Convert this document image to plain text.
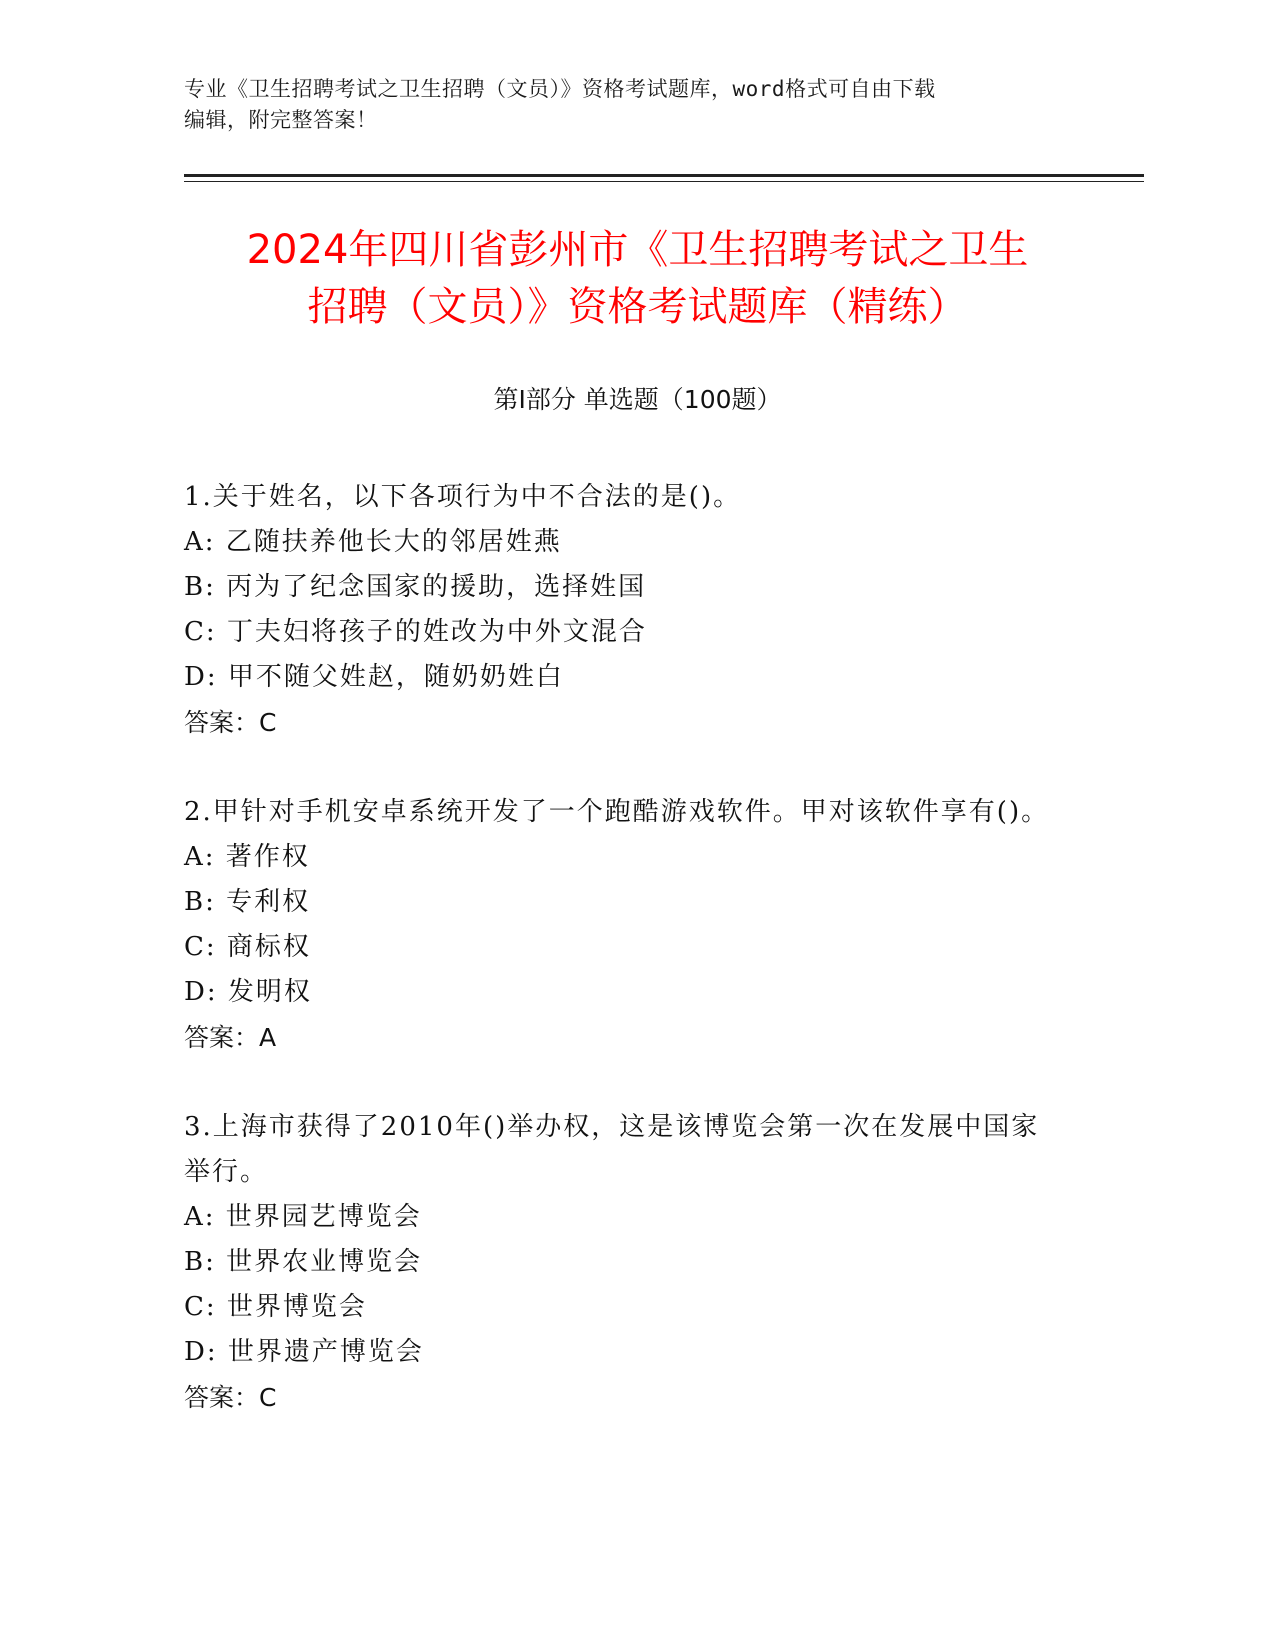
专业《卫生招聘考试之卫生招聘（文员）》资格考试题库，word格式可自由下载
编辑，附完整答案！
2024年四川省彭州市《卫生招聘考试之卫生
招聘（文员）》资格考试题库（精练）
第Ⅰ部分 单选题（100题）

1.关于姓名，以下各项行为中不合法的是()。

A: 乙随扶养他长大的邻居姓燕

B: 丙为了纪念国家的援助，选择姓国

C: 丁夫妇将孩子的姓改为中外文混合

D: 甲不随父姓赵，随奶奶姓白

答案：C

2.甲针对手机安卓系统开发了一个跑酷游戏软件。甲对该软件享有()。

A: 著作权

B: 专利权

C: 商标权

D: 发明权

答案：A

3.上海市获得了2010年()举办权，这是该博览会第一次在发展中国家举行。

A: 世界园艺博览会

B: 世界农业博览会

C: 世界博览会

D: 世界遗产博览会

答案：C
